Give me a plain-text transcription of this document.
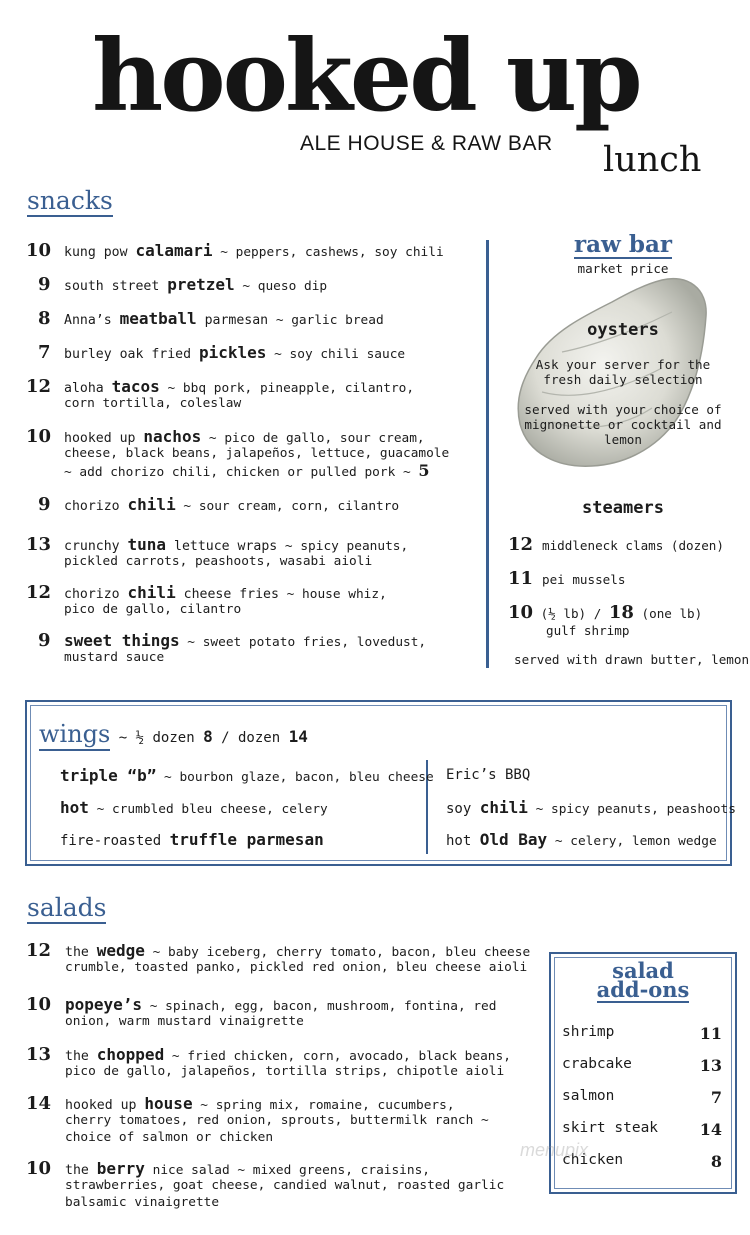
hooked up
ALE HOUSE & RAW BAR lunch
snacks
10 kung pow calamari ~ peppers, cashews, soy chili
9 south street pretzel ~ queso dip
8 Anna’s meatball parmesan ~ garlic bread
7 burley oak fried pickles ~ soy chili sauce
12 aloha tacos ~ bbq pork, pineapple, cilantro,
corn tortilla, coleslaw
10 hooked up nachos ~ pico de gallo, sour cream,
cheese, black beans, jalapeños, lettuce, guacamole
~ add chorizo chili, chicken or pulled pork ~ 5
9 chorizo chili ~ sour cream, corn, cilantro
13 crunchy tuna lettuce wraps ~ spicy peanuts,
pickled carrots, peashoots, wasabi aioli
12 chorizo chili cheese fries ~ house whiz,
pico de gallo, cilantro
9 sweet things ~ sweet potato fries, lovedust,
mustard sauce
raw bar
market price
oysters
Ask your server for the fresh daily selection
served with your choice of mignonette or cocktail and lemon
steamers
12 middleneck clams (dozen)
11 pei mussels
10 (½ lb) / 18 (one lb)
gulf shrimp
served with drawn butter, lemon
wings ~ ½ dozen 8 / dozen 14
triple “b” ~ bourbon glaze, bacon, bleu cheese
hot ~ crumbled bleu cheese, celery
fire-roasted truffle parmesan
Eric’s BBQ
soy chili ~ spicy peanuts, peashoots
hot Old Bay ~ celery, lemon wedge
salads
12 the wedge ~ baby iceberg, cherry tomato, bacon, bleu cheese
crumble, toasted panko, pickled red onion, bleu cheese aioli
10 popeye’s ~ spinach, egg, bacon, mushroom, fontina, red
onion, warm mustard vinaigrette
13 the chopped ~ fried chicken, corn, avocado, black beans,
pico de gallo, jalapeños, tortilla strips, chipotle aioli
14 hooked up house ~ spring mix, romaine, cucumbers,
cherry tomatoes, red onion, sprouts, buttermilk ranch ~
choice of salmon or chicken
10 the berry nice salad ~ mixed greens, craisins,
strawberries, goat cheese, candied walnut, roasted garlic
balsamic vinaigrette
salad
add-ons
shrimp	11
crabcake	13
salmon	7
skirt steak	14
chicken	8
menupix
